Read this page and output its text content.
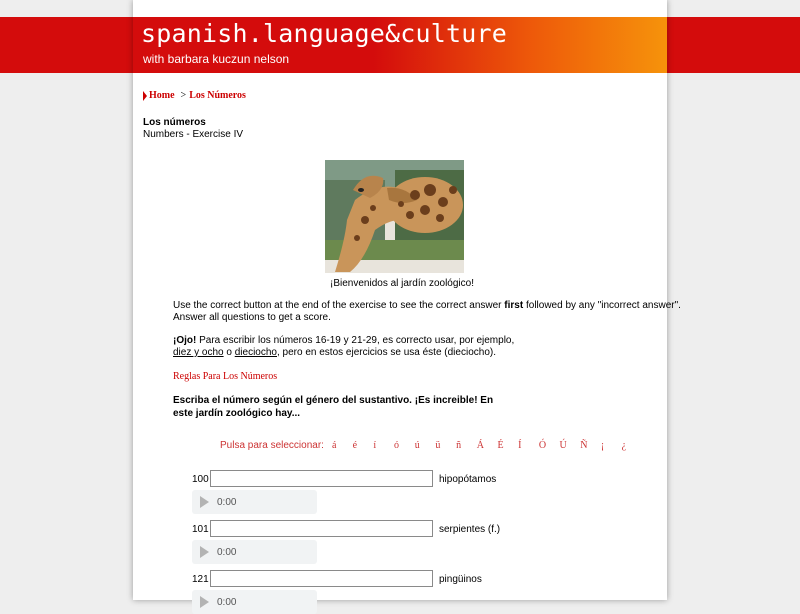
spanish.language&culture
with barbara kuczun nelson
Home > Los Números
Los números
Numbers - Exercise IV
¡Bienvenidos al jardín zoológico!
Use the correct button at the end of the exercise to see the correct answer first followed by any "incorrect answer".
Answer all questions to get a score.
¡Ojo! Para escribir los números 16-19 y 21-29, es correcto usar, por ejemplo,
diez y ocho o dieciocho, pero en estos ejercicios se usa éste (dieciocho).
Reglas Para Los Números
Escriba el número según el género del sustantivo. ¡Es increible! En este jardín zoológico hay...
Pulsa para seleccionar: á	é	í	ó	ú	ü	ñ	Á	É	Í	Ó	Ú	Ñ	¡	¿
100	hipopótamos
0:00
101	serpientes (f.)
0:00
121	pingüinos
0:00
